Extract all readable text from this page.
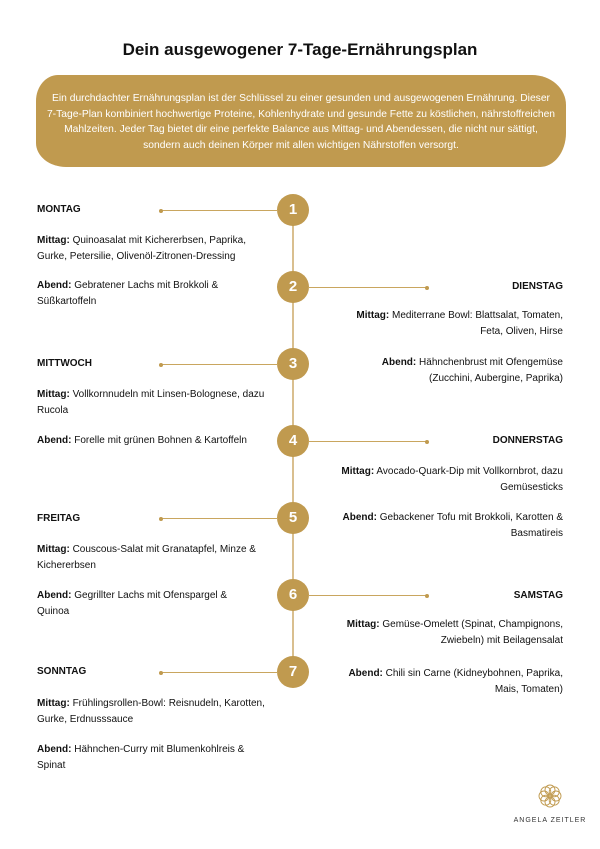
Dein ausgewogener 7-Tage-Ernährungsplan

Ein durchdachter Ernährungsplan ist der Schlüssel zu einer gesunden und ausgewogenen Ernährung. Dieser 7-Tage-Plan kombiniert hochwertige Proteine, Kohlenhydrate und gesunde Fette zu köstlichen, nährstoffreichen Mahlzeiten. Jeder Tag bietet dir eine perfekte Balance aus Mittag- und Abendessen, die nicht nur sättigt, sondern auch deinen Körper mit allen wichtigen Nährstoffen versorgt.

1
2
3
4
5
6
7
MONTAG
Mittag: Quinoasalat mit Kichererbsen, Paprika, Gurke, Petersilie, Olivenöl-Zitronen-Dressing
Abend: Gebratener Lachs mit Brokkoli & Süßkartoffeln
DIENSTAG
Mittag: Mediterrane Bowl: Blattsalat, Tomaten, Feta, Oliven, Hirse
Abend: Hähnchenbrust mit Ofengemüse (Zucchini, Aubergine, Paprika)
MITTWOCH
Mittag: Vollkornnudeln mit Linsen-Bolognese, dazu Rucola
Abend: Forelle mit grünen Bohnen & Kartoffeln	DONNERSTAG
Mittag: Avocado-Quark-Dip mit Vollkornbrot, dazu Gemüsesticks
Abend: Gebackener Tofu mit Brokkoli, Karotten & Basmatireis
FREITAG
Mittag: Couscous-Salat mit Granatapfel, Minze & Kichererbsen
Abend: Gegrillter Lachs mit Ofenspargel & Quinoa
SAMSTAG
Mittag: Gemüse-Omelett (Spinat, Champignons, Zwiebeln) mit Beilagensalat
Abend: Chili sin Carne (Kidneybohnen, Paprika, Mais, Tomaten)
SONNTAG
Mittag: Frühlingsrollen-Bowl: Reisnudeln, Karotten, Gurke, Erdnusssauce
Abend: Hähnchen-Curry mit Blumenkohlreis & Spinat
ANGELA ZEITLER
